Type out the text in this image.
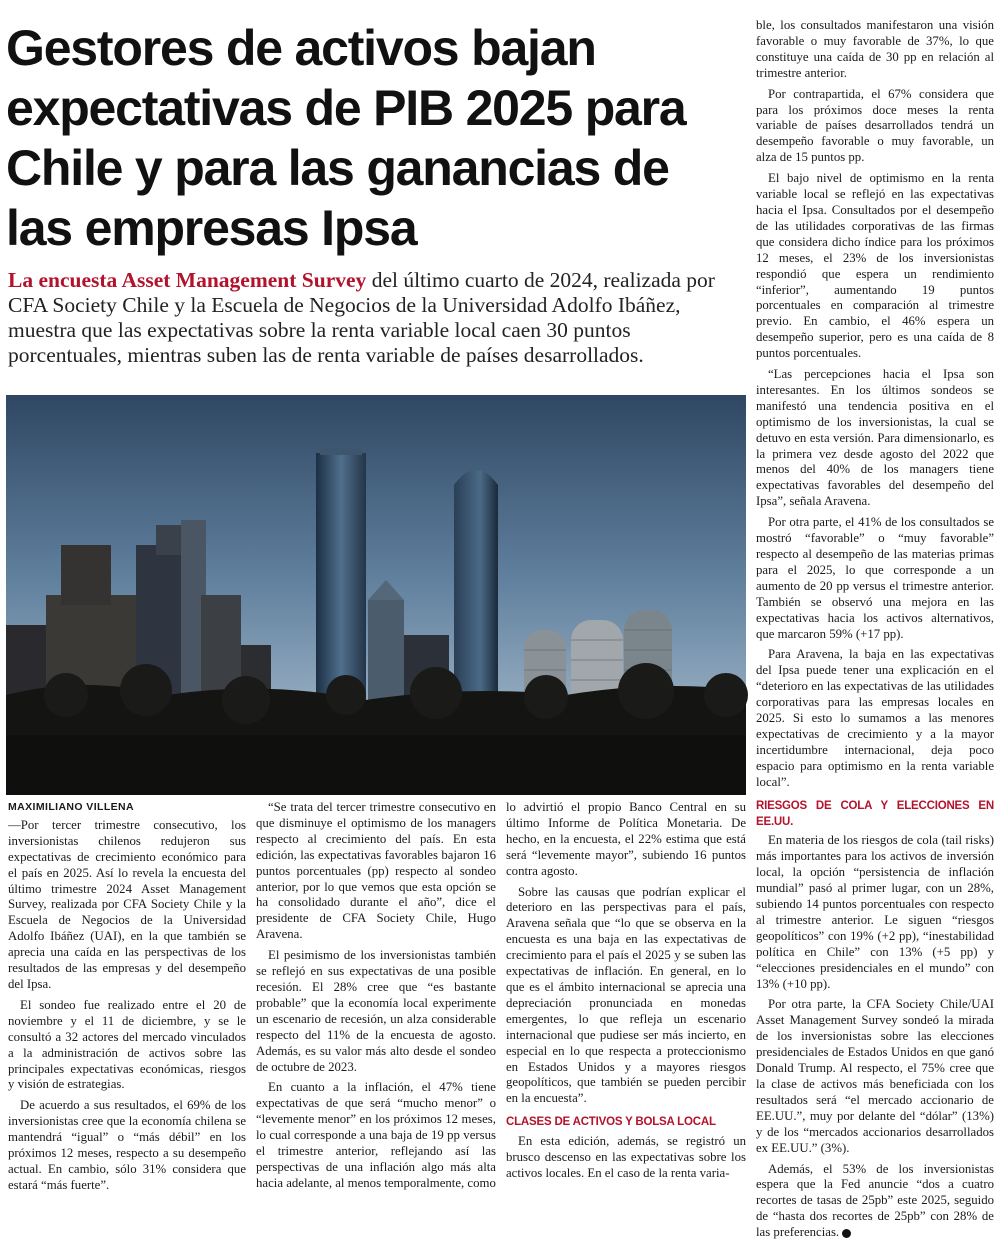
Gestores de activos bajan expectativas de PIB 2025 para Chile y para las ganancias de las empresas Ipsa
La encuesta Asset Management Survey del último cuarto de 2024, realizada por CFA Society Chile y la Escuela de Negocios de la Universidad Adolfo Ibáñez, muestra que las expectativas sobre la renta variable local caen 30 puntos porcentuales, mientras suben las de renta variable de países desarrollados.
MAXIMILIANO VILLENA

—Por tercer trimestre consecutivo, los inversionistas chilenos redujeron sus expectativas de crecimiento económico para el país en 2025. Así lo revela la encuesta del último trimestre 2024 Asset Management Survey, realizada por CFA Society Chile y la Escuela de Negocios de la Universidad Adolfo Ibáñez (UAI), en la que también se aprecia una caída en las perspectivas de los resultados de las empresas y del desempeño del Ipsa.

El sondeo fue realizado entre el 20 de noviembre y el 11 de diciembre, y se le consultó a 32 actores del mercado vinculados a la administración de activos sobre las principales expectativas económicas, riesgos y visión de estrategias.

De acuerdo a sus resultados, el 69% de los inversionistas cree que la economía chilena se mantendrá “igual” o “más débil” en los próximos 12 meses, respecto a su desempeño actual. En cambio, sólo 31% considera que estará “más fuerte”.

“Se trata del tercer trimestre consecutivo en que disminuye el optimismo de los managers respecto al crecimiento del país. En esta edición, las expectativas favorables bajaron 16 puntos porcentuales (pp) respecto al sondeo anterior, por lo que vemos que esta opción se ha consolidado durante el año”, dice el presidente de CFA Society Chile, Hugo Aravena.

El pesimismo de los inversionistas también se reflejó en sus expectativas de una posible recesión. El 28% cree que “es bastante probable” que la economía local experimente un escenario de recesión, un alza considerable respecto del 11% de la encuesta de agosto. Además, es su valor más alto desde el sondeo de octubre de 2023.

En cuanto a la inflación, el 47% tiene expectativas de que será “mucho menor” o “levemente menor” en los próximos 12 meses, lo cual corresponde a una baja de 19 pp versus el trimestre anterior, reflejando así las perspectivas de una inflación algo más alta hacia adelante, al menos temporalmente, como

lo advirtió el propio Banco Central en su último Informe de Política Monetaria. De hecho, en la encuesta, el 22% estima que está será “levemente mayor”, subiendo 16 puntos contra agosto.

Sobre las causas que podrían explicar el deterioro en las perspectivas para el país, Aravena señala que “lo que se observa en la encuesta es una baja en las expectativas de crecimiento para el país el 2025 y se suben las expectativas de inflación. En general, en lo que es el ámbito internacional se aprecia una depreciación pronunciada en monedas emergentes, lo que refleja un escenario internacional que pudiese ser más incierto, en especial en lo que respecta a proteccionismo en Estados Unidos y a mayores riesgos geopolíticos, que también se pueden percibir en la encuesta”.

CLASES DE ACTIVOS Y BOLSA LOCAL

En esta edición, además, se registró un brusco descenso en las expectativas sobre los activos locales. En el caso de la renta varia-

ble, los consultados manifestaron una visión favorable o muy favorable de 37%, lo que constituye una caída de 30 pp en relación al trimestre anterior.

Por contrapartida, el 67% considera que para los próximos doce meses la renta variable de países desarrollados tendrá un desempeño favorable o muy favorable, un alza de 15 puntos pp.

El bajo nivel de optimismo en la renta variable local se reflejó en las expectativas hacia el Ipsa. Consultados por el desempeño de las utilidades corporativas de las firmas que considera dicho índice para los próximos 12 meses, el 23% de los inversionistas respondió que espera un rendimiento “inferior”, aumentando 19 puntos porcentuales en comparación al trimestre previo. En cambio, el 46% espera un desempeño superior, pero es una caída de 8 puntos porcentuales.

“Las percepciones hacia el Ipsa son interesantes. En los últimos sondeos se manifestó una tendencia positiva en el optimismo de los inversionistas, la cual se detuvo en esta versión. Para dimensionarlo, es la primera vez desde agosto del 2022 que menos del 40% de los managers tiene expectativas favorables del desempeño del Ipsa”, señala Aravena.

Por otra parte, el 41% de los consultados se mostró “favorable” o “muy favorable” respecto al desempeño de las materias primas para el 2025, lo que corresponde a un aumento de 20 pp versus el trimestre anterior. También se observó una mejora en las expectativas hacia los activos alternativos, que marcaron 59% (+17 pp).

Para Aravena, la baja en las expectativas del Ipsa puede tener una explicación en el “deterioro en las expectativas de las utilidades corporativas para las empresas locales en 2025. Si esto lo sumamos a las menores expectativas de crecimiento y a la mayor incertidumbre internacional, deja poco espacio para optimismo en la renta variable local”.

RIESGOS DE COLA Y ELECCIONES EN EE.UU.

En materia de los riesgos de cola (tail risks) más importantes para los activos de inversión local, la opción “persistencia de inflación mundial” pasó al primer lugar, con un 28%, subiendo 14 puntos porcentuales con respecto al trimestre anterior. Le siguen “riesgos geopolíticos” con 19% (+2 pp), “inestabilidad política en Chile” con 13% (+5 pp) y “elecciones presidenciales en el mundo” con 13% (+10 pp).

Por otra parte, la CFA Society Chile/UAI Asset Management Survey sondeó la mirada de los inversionistas sobre las elecciones presidenciales de Estados Unidos en que ganó Donald Trump. Al respecto, el 75% cree que la clase de activos más beneficiada con los resultados será “el mercado accionario de EE.UU.”, muy por delante del “dólar” (13%) y de los “mercados accionarios desarrollados ex EE.UU.” (3%).

Además, el 53% de los inversionistas espera que la Fed anuncie “dos a cuatro recortes de tasas de 25pb” este 2025, seguido de “hasta dos recortes de 25pb” con 28% de las preferencias.
